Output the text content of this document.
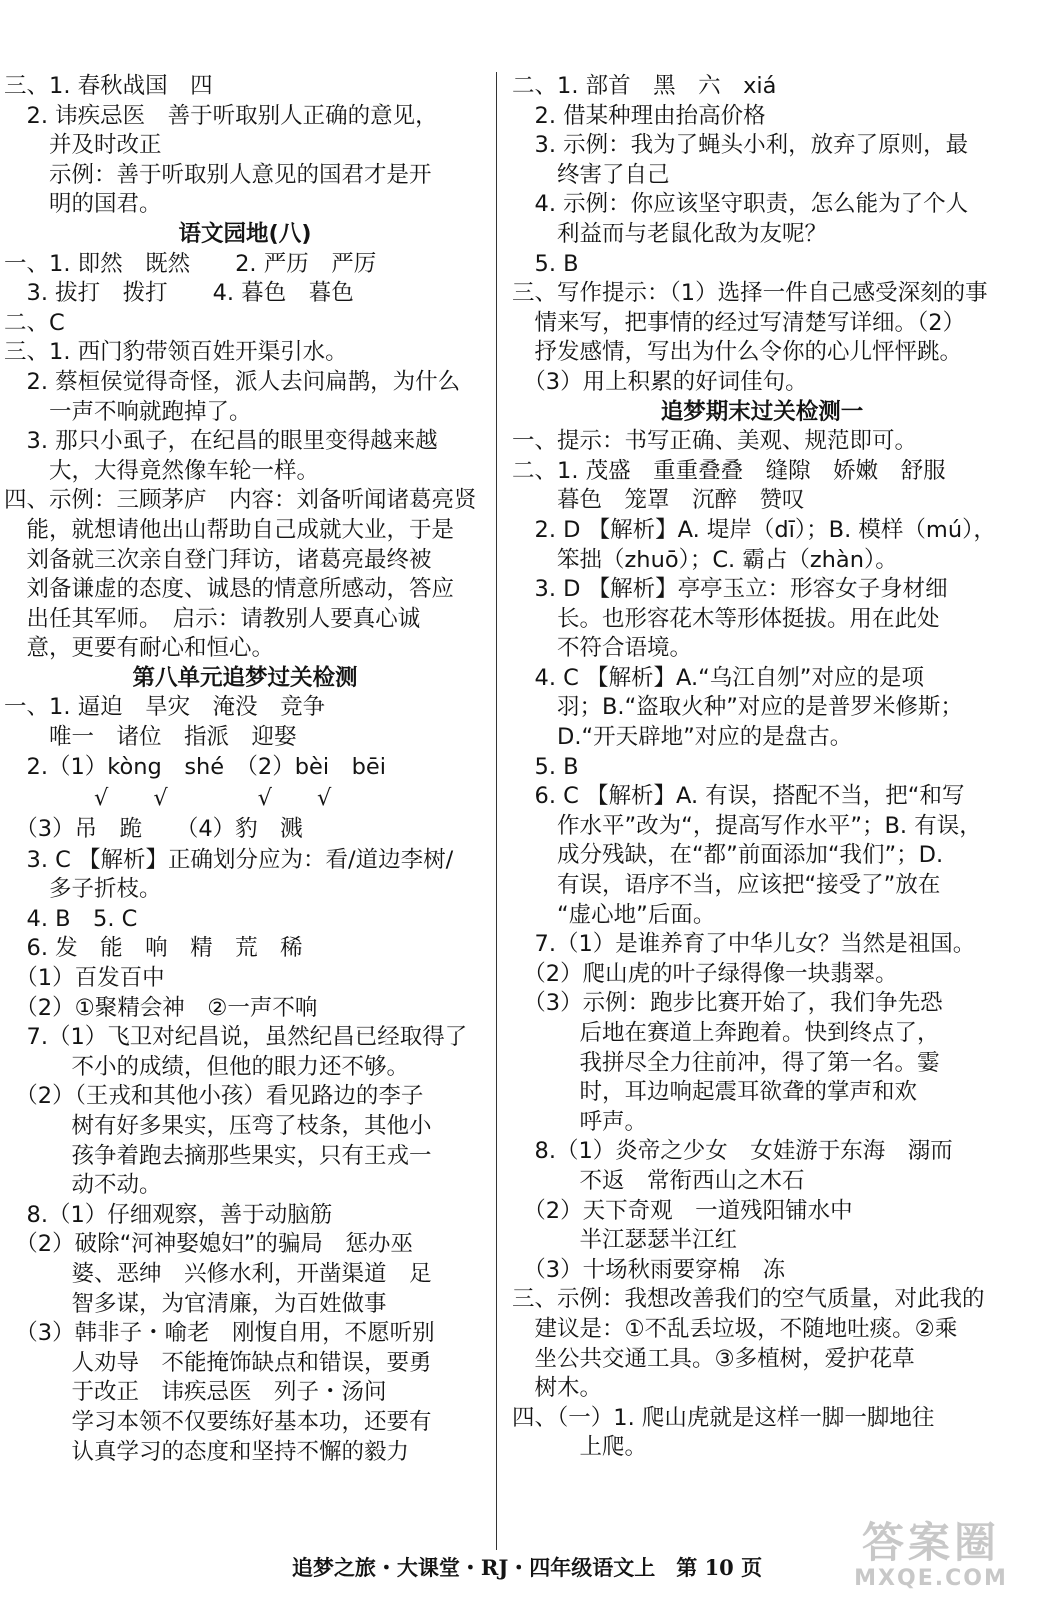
三、1. 春秋战国　四
　2. 讳疾忌医　善于听取别人正确的意见，
　　并及时改正
　　示例：善于听取别人意见的国君才是开
　　明的国君。
语文园地(八)
一、1. 即然　既然　　2. 严历　严厉
　3. 拔打　拨打　　4. 暮色　暮色
二、C
三、1. 西门豹带领百姓开渠引水。
　2. 蔡桓侯觉得奇怪，派人去问扁鹊，为什么
　　一声不响就跑掉了。
　3. 那只小虱子，在纪昌的眼里变得越来越
　　大，大得竟然像车轮一样。
四、示例：三顾茅庐　内容：刘备听闻诸葛亮贤
　能，就想请他出山帮助自己成就大业，于是
　刘备就三次亲自登门拜访，诸葛亮最终被
　刘备谦虚的态度、诚恳的情意所感动，答应
　出任其军师。　启示：请教别人要真心诚
　意，更要有耐心和恒心。
第八单元追梦过关检测
一、1. 逼迫　旱灾　淹没　竞争
　　唯一　诸位　指派　迎娶
　2.（1）kòng　shé　（2）bèi　bēi
　　　　√　　√　　　　√　　√
　（3）吊　跪　　（4）豹　溅
　3. C 【解析】正确划分应为：看/道边李树/
　　多子折枝。
　4. B　5. C
　6. 发　能　响　精　荒　稀
　（1）百发百中
　（2）①聚精会神　②一声不响
　7.（1）飞卫对纪昌说，虽然纪昌已经取得了
　　　不小的成绩，但他的眼力还不够。
　（2）（王戎和其他小孩）看见路边的李子
　　　树有好多果实，压弯了枝条，其他小
　　　孩争着跑去摘那些果实，只有王戎一
　　　动不动。
　8.（1）仔细观察，善于动脑筋
　（2）破除“河神娶媳妇”的骗局　惩办巫
　　　婆、恶绅　兴修水利，开凿渠道　足
　　　智多谋，为官清廉，为百姓做事
　（3）韩非子・喻老　刚愎自用，不愿听别
　　　人劝导　不能掩饰缺点和错误，要勇
　　　于改正　讳疾忌医　列子・汤问
　　　学习本领不仅要练好基本功，还要有
　　　认真学习的态度和坚持不懈的毅力
二、1. 部首　黑　六　xiá
　2. 借某种理由抬高价格
　3. 示例：我为了蝇头小利，放弃了原则，最
　　终害了自己
　4. 示例：你应该坚守职责，怎么能为了个人
　　利益而与老鼠化敌为友呢？
　5. B
三、写作提示：（1）选择一件自己感受深刻的事
　情来写，把事情的经过写清楚写详细。（2）
　抒发感情，写出为什么令你的心儿怦怦跳。
　（3）用上积累的好词佳句。
追梦期末过关检测一
一、提示：书写正确、美观、规范即可。
二、1. 茂盛　重重叠叠　缝隙　娇嫩　舒服
　　暮色　笼罩　沉醉　赞叹
　2. D 【解析】A. 堤岸（dī）；B. 模样（mú），
　　笨拙（zhuō）；C. 霸占（zhàn）。
　3. D 【解析】亭亭玉立：形容女子身材细
　　长。也形容花木等形体挺拔。用在此处
　　不符合语境。
　4. C 【解析】A.“乌江自刎”对应的是项
　　羽；B.“盗取火种”对应的是普罗米修斯；
　　D.“开天辟地”对应的是盘古。
　5. B
　6. C 【解析】A. 有误，搭配不当，把“和写
　　作水平”改为“，提高写作水平”；B. 有误，
　　成分残缺，在“都”前面添加“我们”；D.
　　有误，语序不当，应该把“接受了”放在
　　“虚心地”后面。
　7.（1）是谁养育了中华儿女？当然是祖国。
　（2）爬山虎的叶子绿得像一块翡翠。
　（3）示例：跑步比赛开始了，我们争先恐
　　　后地在赛道上奔跑着。快到终点了，
　　　我拼尽全力往前冲，得了第一名。霎
　　　时，耳边响起震耳欲聋的掌声和欢
　　　呼声。
　8.（1）炎帝之少女　女娃游于东海　溺而
　　　不返　常衔西山之木石
　（2）天下奇观　一道残阳铺水中
　　　半江瑟瑟半江红
　（3）十场秋雨要穿棉　冻
三、示例：我想改善我们的空气质量，对此我的
　建议是：①不乱丢垃圾，不随地吐痰。②乘
　坐公共交通工具。③多植树，爱护花草
　树木。
四、（一）1. 爬山虎就是这样一脚一脚地往
　　　上爬。
追梦之旅・大课堂・RJ・四年级语文上　第 10 页
答案圈
MXQE.COM
